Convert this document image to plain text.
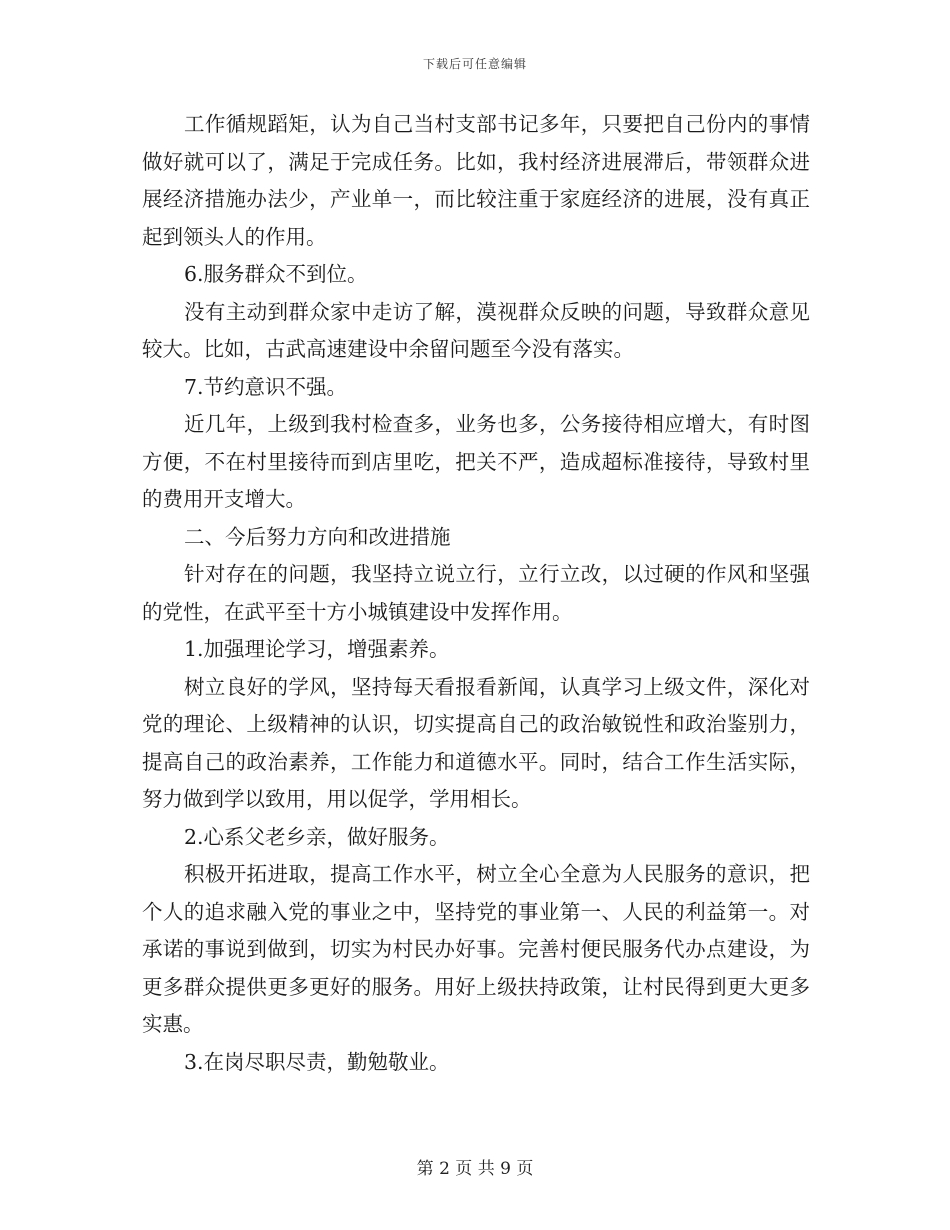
下载后可任意编辑

工作循规蹈矩，认为自己当村支部书记多年，只要把自己份内的事情做好就可以了，满足于完成任务。比如，我村经济进展滞后，带领群众进展经济措施办法少，产业单一，而比较注重于家庭经济的进展，没有真正起到领头人的作用。

6.服务群众不到位。

没有主动到群众家中走访了解，漠视群众反映的问题，导致群众意见较大。比如，古武高速建设中余留问题至今没有落实。

7.节约意识不强。

近几年，上级到我村检查多，业务也多，公务接待相应增大，有时图方便，不在村里接待而到店里吃，把关不严，造成超标准接待，导致村里的费用开支增大。

二、今后努力方向和改进措施

针对存在的问题，我坚持立说立行，立行立改，以过硬的作风和坚强的党性，在武平至十方小城镇建设中发挥作用。

1.加强理论学习，增强素养。

树立良好的学风，坚持每天看报看新闻，认真学习上级文件，深化对党的理论、上级精神的认识，切实提高自己的政治敏锐性和政治鉴别力，提高自己的政治素养，工作能力和道德水平。同时，结合工作生活实际，努力做到学以致用，用以促学，学用相长。

2.心系父老乡亲，做好服务。

积极开拓进取，提高工作水平，树立全心全意为人民服务的意识，把个人的追求融入党的事业之中，坚持党的事业第一、人民的利益第一。对承诺的事说到做到，切实为村民办好事。完善村便民服务代办点建设，为更多群众提供更多更好的服务。用好上级扶持政策，让村民得到更大更多实惠。

3.在岗尽职尽责，勤勉敬业。

第 2 页 共 9 页
